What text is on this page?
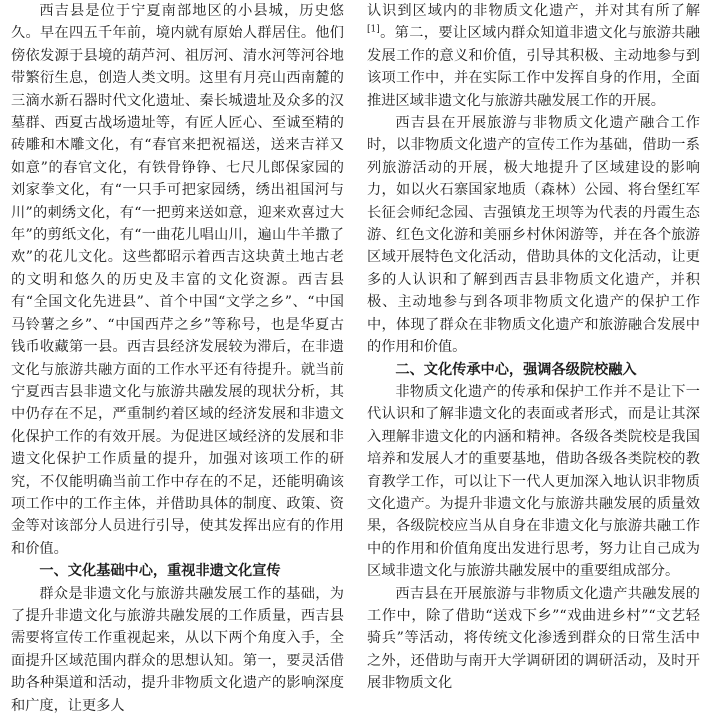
西吉县是位于宁夏南部地区的小县城，历史悠久。早在四五千年前，境内就有原始人群居住。他们傍依发源于县境的葫芦河、祖厉河、清水河等河谷地带繁衍生息，创造人类文明。这里有月亮山西南麓的三滴水新石器时代文化遗址、秦长城遗址及众多的汉墓群、西夏古战场遗址等，有匠人匠心、至诚至精的砖雕和木雕文化，有“春官来把祝福送，送来吉祥又如意”的春官文化，有铁骨铮铮、七尺儿郎保家园的刘家拳文化，有“一只手可把家园绣，绣出祖国河与川”的刺绣文化，有“一把剪来送如意，迎来欢喜过大年”的剪纸文化，有“一曲花儿唱山川，遍山牛羊撒了欢”的花儿文化。这些都昭示着西吉这块黄土地古老的文明和悠久的历史及丰富的文化资源。西吉县有“全国文化先进县”、首个中国“文学之乡”、“中国马铃薯之乡”、“中国西芹之乡”等称号，也是华夏古钱币收藏第一县。西吉县经济发展较为滞后，在非遗文化与旅游共融方面的工作水平还有待提升。就当前宁夏西吉县非遗文化与旅游共融发展的现状分析，其中仍存在不足，严重制约着区域的经济发展和非遗文化保护工作的有效开展。为促进区域经济的发展和非遗文化保护工作质量的提升，加强对该项工作的研究，不仅能明确当前工作中存在的不足，还能明确该项工作中的工作主体，并借助具体的制度、政策、资金等对该部分人员进行引导，使其发挥出应有的作用和价值。

一、文化基础中心，重视非遗文化宣传

群众是非遗文化与旅游共融发展工作的基础，为了提升非遗文化与旅游共融发展的工作质量，西吉县需要将宣传工作重视起来，从以下两个角度入手，全面提升区域范围内群众的思想认知。第一，要灵活借助各种渠道和活动，提升非物质文化遗产的影响深度和广度，让更多人

认识到区域内的非物质文化遗产，并对其有所了解[1]。第二，要让区域内群众知道非遗文化与旅游共融发展工作的意义和价值，引导其积极、主动地参与到该项工作中，并在实际工作中发挥自身的作用，全面推进区域非遗文化与旅游共融发展工作的开展。

西吉县在开展旅游与非物质文化遗产融合工作时，以非物质文化遗产的宣传工作为基础，借助一系列旅游活动的开展，极大地提升了区域建设的影响力，如以火石寨国家地质（森林）公园、将台堡红军长征会师纪念园、吉强镇龙王坝等为代表的丹霞生态游、红色文化游和美丽乡村休闲游等，并在各个旅游区域开展特色文化活动，借助具体的文化活动，让更多的人认识和了解到西吉县非物质文化遗产，并积极、主动地参与到各项非物质文化遗产的保护工作中，体现了群众在非物质文化遗产和旅游融合发展中的作用和价值。

二、文化传承中心，强调各级院校融入

非物质文化遗产的传承和保护工作并不是让下一代认识和了解非遗文化的表面或者形式，而是让其深入理解非遗文化的内涵和精神。各级各类院校是我国培养和发展人才的重要基地，借助各级各类院校的教育教学工作，可以让下一代人更加深入地认识非物质文化遗产。为提升非遗文化与旅游共融发展的质量效果，各级院校应当从自身在非遗文化与旅游共融工作中的作用和价值角度出发进行思考，努力让自己成为区域非遗文化与旅游共融发展中的重要组成部分。

西吉县在开展旅游与非物质文化遗产共融发展的工作中，除了借助“送戏下乡”“戏曲进乡村”“文艺轻骑兵”等活动，将传统文化渗透到群众的日常生活中之外，还借助与南开大学调研团的调研活动，及时开展非物质文化
